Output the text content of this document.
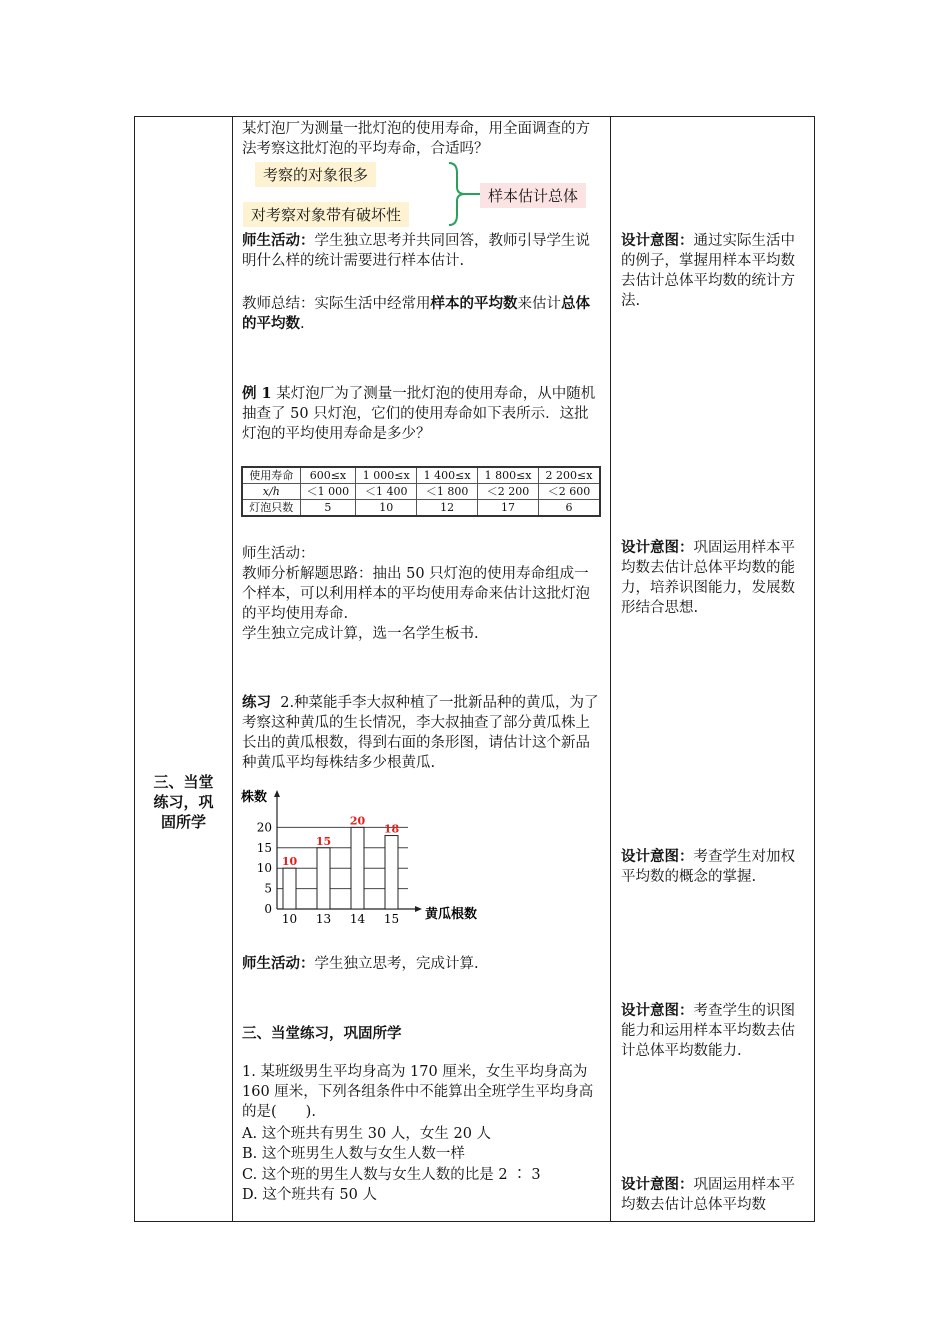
三、当堂练习，巩固所学

某灯泡厂为测量一批灯泡的使用寿命，用全面调查的方法考察这批灯泡的平均寿命，合适吗？

考察的对象很多
对考察对象带有破坏性
样本估计总体

师生活动：学生独立思考并共同回答，教师引导学生说明什么样的统计需要进行样本估计.

教师总结：实际生活中经常用样本的平均数来估计总体的平均数.

例 1 某灯泡厂为了测量一批灯泡的使用寿命，从中随机抽查了 50 只灯泡，它们的使用寿命如下表所示．这批灯泡的平均使用寿命是多少？

使用寿命	600≤x	1 000≤x	1 400≤x	1 800≤x	2 200≤x
x/h	＜1 000	＜1 400	＜1 800	＜2 200	＜2 600
灯泡只数	5	10	12	17	6

师生活动：

教师分析解题思路：抽出 50 只灯泡的使用寿命组成一个样本，可以利用样本的平均使用寿命来估计这批灯泡的平均使用寿命.

学生独立完成计算，选一名学生板书.

练习 2.种菜能手李大叔种植了一批新品种的黄瓜，为了考察这种黄瓜的生长情况，李大叔抽查了部分黄瓜株上长出的黄瓜根数，得到右面的条形图，请估计这个新品种黄瓜平均每株结多少根黄瓜.

0
5
10
15
20
株数
黄瓜根数
10
10
15
13
20
14
18
15

师生活动：学生独立思考，完成计算.

三、当堂练习，巩固所学

1. 某班级男生平均身高为 170 厘米，女生平均身高为 160 厘米，下列各组条件中不能算出全班学生平均身高的是(　　).

A. 这个班共有男生 30 人，女生 20 人

B. 这个班男生人数与女生人数一样

C. 这个班的男生人数与女生人数的比是 2 ∶ 3

D. 这个班共有 50 人

设计意图：通过实际生活中的例子，掌握用样本平均数去估计总体平均数的统计方法.

设计意图：巩固运用样本平均数去估计总体平均数的能力，培养识图能力，发展数形结合思想.

设计意图：考查学生对加权平均数的概念的掌握.

设计意图：考查学生的识图能力和运用样本平均数去估计总体平均数能力.

设计意图：巩固运用样本平均数去估计总体平均数
